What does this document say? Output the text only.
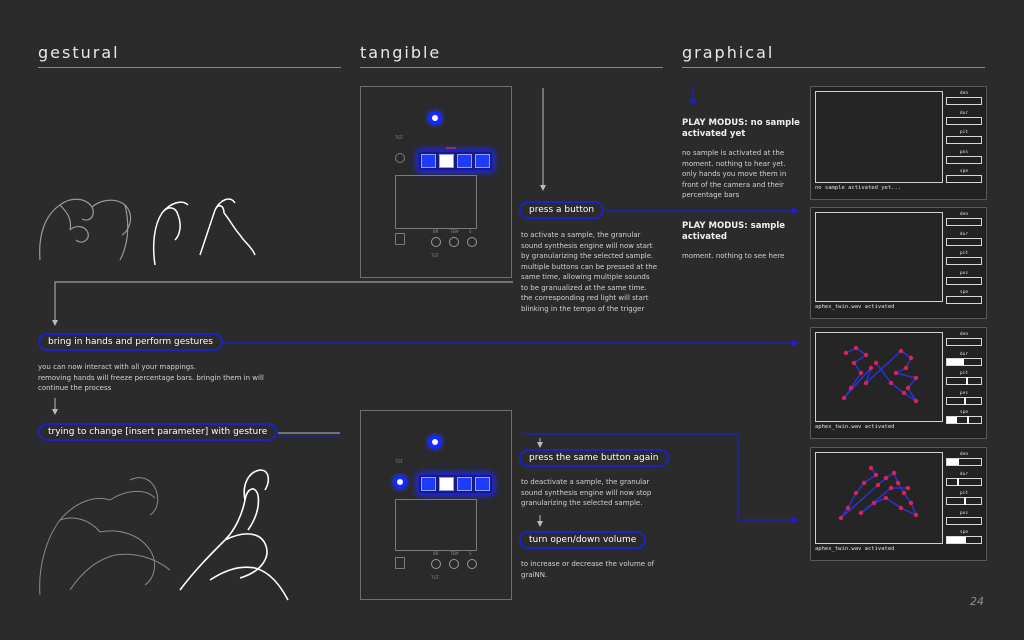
gestural	tangible	graphical
bring in hands and perform gestures
you can now interact with all your mappings.
removing hands will freeze percentage bars. bringin them in will
continue the process
trying to change [insert parameter] with gesture
TGT
BR	TEM	S
TGT
TGT
BR	TEM	S
TGT
press a button
to activate a sample, the granular
sound synthesis engine will now start
by granularizing the selected sample.
multiple buttons can be pressed at the
same time, allowing multiple sounds
to be granualized at the same time.
the corresponding red light will start
blinking in the tempo of the trigger
press the same button again
to deactivate a sample, the granular
sound synthesis engine will now stop
granularizing the selected sample.
turn open/down volume
to increase or decrease the volume of
graiNN.
PLAY MODUS: no sample
activated yet
no sample is activated at the
moment. nothing to hear yet.
only hands you move them in
front of the camera and their
percentage bars
PLAY MODUS: sample
activated
moment. nothing to see here
no sample activated yet...
den
dur
pit
pos
spe
aphex_twin.wav activated
den
dur
pit
pos
spe
aphex_twin.wav activated
den
dur
pit
pos
spe
aphex_twin.wav activated
den
dur
pit
pos
spe
24
